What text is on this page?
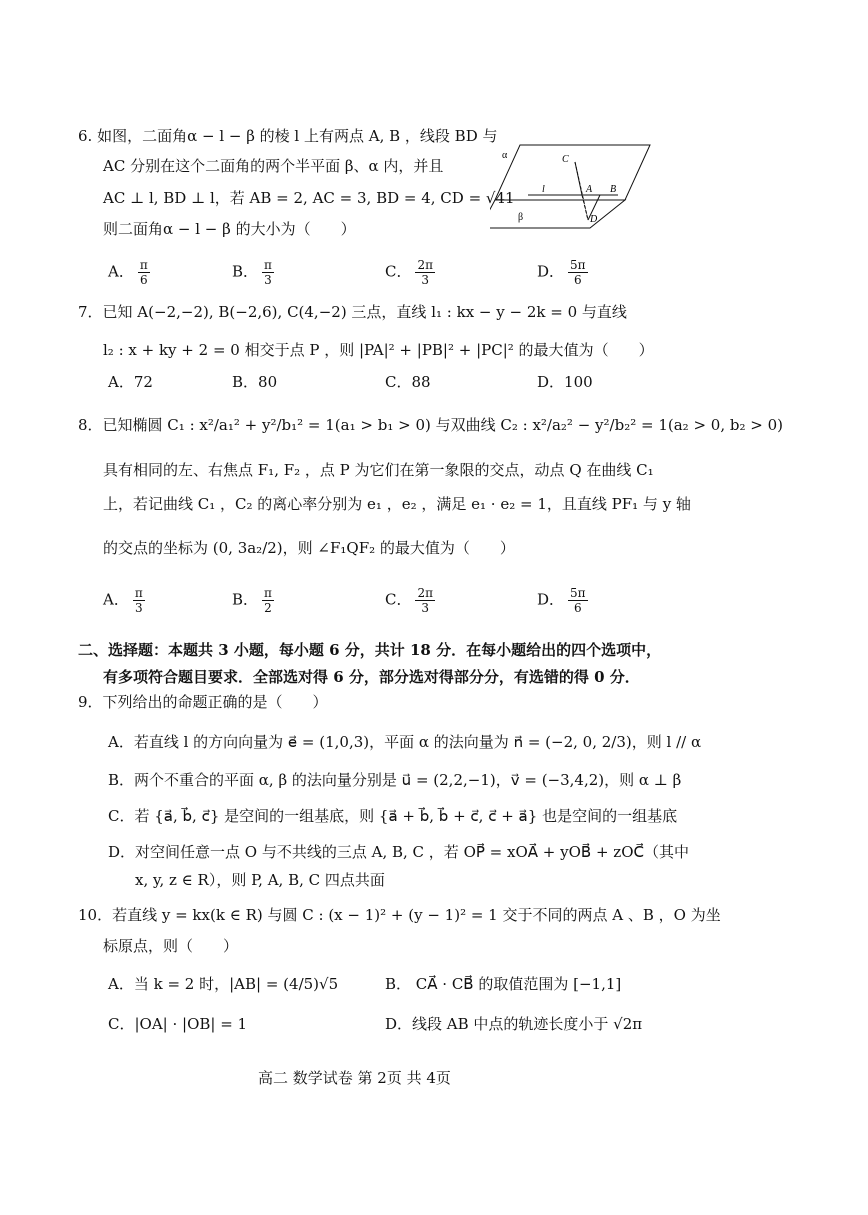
6. 如图，二面角α − l − β 的棱 l 上有两点 A, B ，线段 BD 与
AC 分别在这个二面角的两个半平面 β、α 内，并且
AC ⊥ l, BD ⊥ l，若 AB = 2, AC = 3, BD = 4, CD = √41
则二面角α − l − β 的大小为（　　）
α	C
l	A B
D
β
A． $\frac{\pi}{6}$	B． $\frac{\pi}{3}$	C． $\frac{2\pi}{3}$	D． $\frac{5\pi}{6}$
7．已知 A(−2,−2), B(−2,6), C(4,−2) 三点，直线 l₁ : kx − y − 2k = 0 与直线
l₂ : x + ky + 2 = 0 相交于点 P ，则 |PA|² + |PB|² + |PC|² 的最大值为（　　）
A．72	B．80	C．88	D．100
8．已知椭圆 C₁ : x²/a₁² + y²/b₁² = 1(a₁ > b₁ > 0) 与双曲线 C₂ : x²/a₂² − y²/b₂² = 1(a₂ > 0, b₂ > 0)
具有相同的左、右焦点 F₁, F₂ ，点 P 为它们在第一象限的交点，动点 Q 在曲线 C₁
上，若记曲线 C₁ ，C₂ 的离心率分别为 e₁ ，e₂ ，满足 e₁ · e₂ = 1，且直线 PF₁ 与 y 轴
的交点的坐标为 (0, 3a₂/2)，则 ∠F₁QF₂ 的最大值为（　　）
A． $\frac{\pi}{3}$	B． $\frac{\pi}{2}$	C． $\frac{2\pi}{3}$	D． $\frac{5\pi}{6}$
二、选择题：本题共 3 小题，每小题 6 分，共计 18 分．在每小题给出的四个选项中，
有多项符合题目要求．全部选对得 6 分，部分选对得部分分，有选错的得 0 分．
9．下列给出的命题正确的是（　　）
A．若直线 l 的方向向量为 e⃗ = (1,0,3)，平面 α 的法向量为 n⃗ = (−2, 0, 2/3)，则 l // α
B．两个不重合的平面 α, β 的法向量分别是 u⃗ = (2,2,−1)，v⃗ = (−3,4,2)，则 α ⊥ β
C．若 {a⃗, b⃗, c⃗} 是空间的一组基底，则 {a⃗ + b⃗, b⃗ + c⃗, c⃗ + a⃗} 也是空间的一组基底
D．对空间任意一点 O 与不共线的三点 A, B, C ，若 OP⃗ = xOA⃗ + yOB⃗ + zOC⃗（其中
x, y, z ∈ R），则 P, A, B, C 四点共面
10．若直线 y = kx(k ∈ R) 与圆 C : (x − 1)² + (y − 1)² = 1 交于不同的两点 A 、B ，O 为坐
标原点，则（　　）
A．当 k = 2 时，|AB| = (4/5)√5	B． CA⃗ · CB⃗ 的取值范围为 [−1,1]
C．|OA| · |OB| = 1	D．线段 AB 中点的轨迹长度小于 √2π
高二 数学试卷 第 2页 共 4页
